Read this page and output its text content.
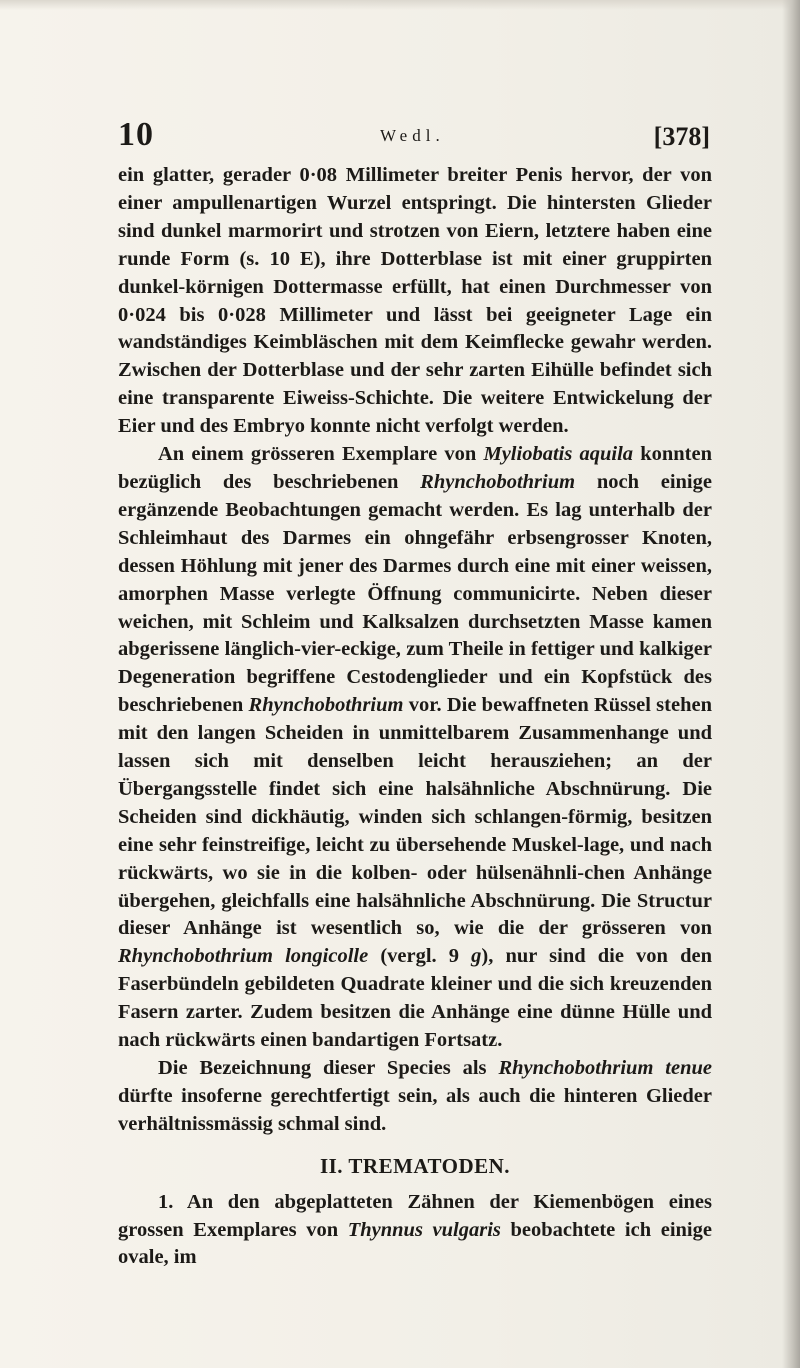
10	Wedl.	[378]

ein glatter, gerader 0·08 Millimeter breiter Penis hervor, der von einer ampullenartigen Wurzel entspringt. Die hintersten Glieder sind dunkel marmorirt und strotzen von Eiern, letztere haben eine runde Form (s. 10 E), ihre Dotterblase ist mit einer gruppirten dunkel-körnigen Dottermasse erfüllt, hat einen Durchmesser von 0·024 bis 0·028 Millimeter und lässt bei geeigneter Lage ein wandständiges Keimbläschen mit dem Keimflecke gewahr werden. Zwischen der Dotterblase und der sehr zarten Eihülle befindet sich eine transparente Eiweiss-Schichte. Die weitere Entwickelung der Eier und des Embryo konnte nicht verfolgt werden.

An einem grösseren Exemplare von Myliobatis aquila konnten bezüglich des beschriebenen Rhynchobothrium noch einige ergänzende Beobachtungen gemacht werden. Es lag unterhalb der Schleimhaut des Darmes ein ohngefähr erbsengrosser Knoten, dessen Höhlung mit jener des Darmes durch eine mit einer weissen, amorphen Masse verlegte Öffnung communicirte. Neben dieser weichen, mit Schleim und Kalksalzen durchsetzten Masse kamen abgerissene länglich-vier-eckige, zum Theile in fettiger und kalkiger Degeneration begriffene Cestodenglieder und ein Kopfstück des beschriebenen Rhynchobothrium vor. Die bewaffneten Rüssel stehen mit den langen Scheiden in unmittelbarem Zusammenhange und lassen sich mit denselben leicht herausziehen; an der Übergangsstelle findet sich eine halsähnliche Abschnürung. Die Scheiden sind dickhäutig, winden sich schlangen-förmig, besitzen eine sehr feinstreifige, leicht zu übersehende Muskel-lage, und nach rückwärts, wo sie in die kolben- oder hülsenähnli-chen Anhänge übergehen, gleichfalls eine halsähnliche Abschnürung. Die Structur dieser Anhänge ist wesentlich so, wie die der grösseren von Rhynchobothrium longicolle (vergl. 9 g), nur sind die von den Faserbündeln gebildeten Quadrate kleiner und die sich kreuzenden Fasern zarter. Zudem besitzen die Anhänge eine dünne Hülle und nach rückwärts einen bandartigen Fortsatz.

Die Bezeichnung dieser Species als Rhynchobothrium tenue dürfte insoferne gerechtfertigt sein, als auch die hinteren Glieder verhältnissmässig schmal sind.

II. TREMATODEN.

1. An den abgeplatteten Zähnen der Kiemenbögen eines grossen Exemplares von Thynnus vulgaris beobachtete ich einige ovale, im
